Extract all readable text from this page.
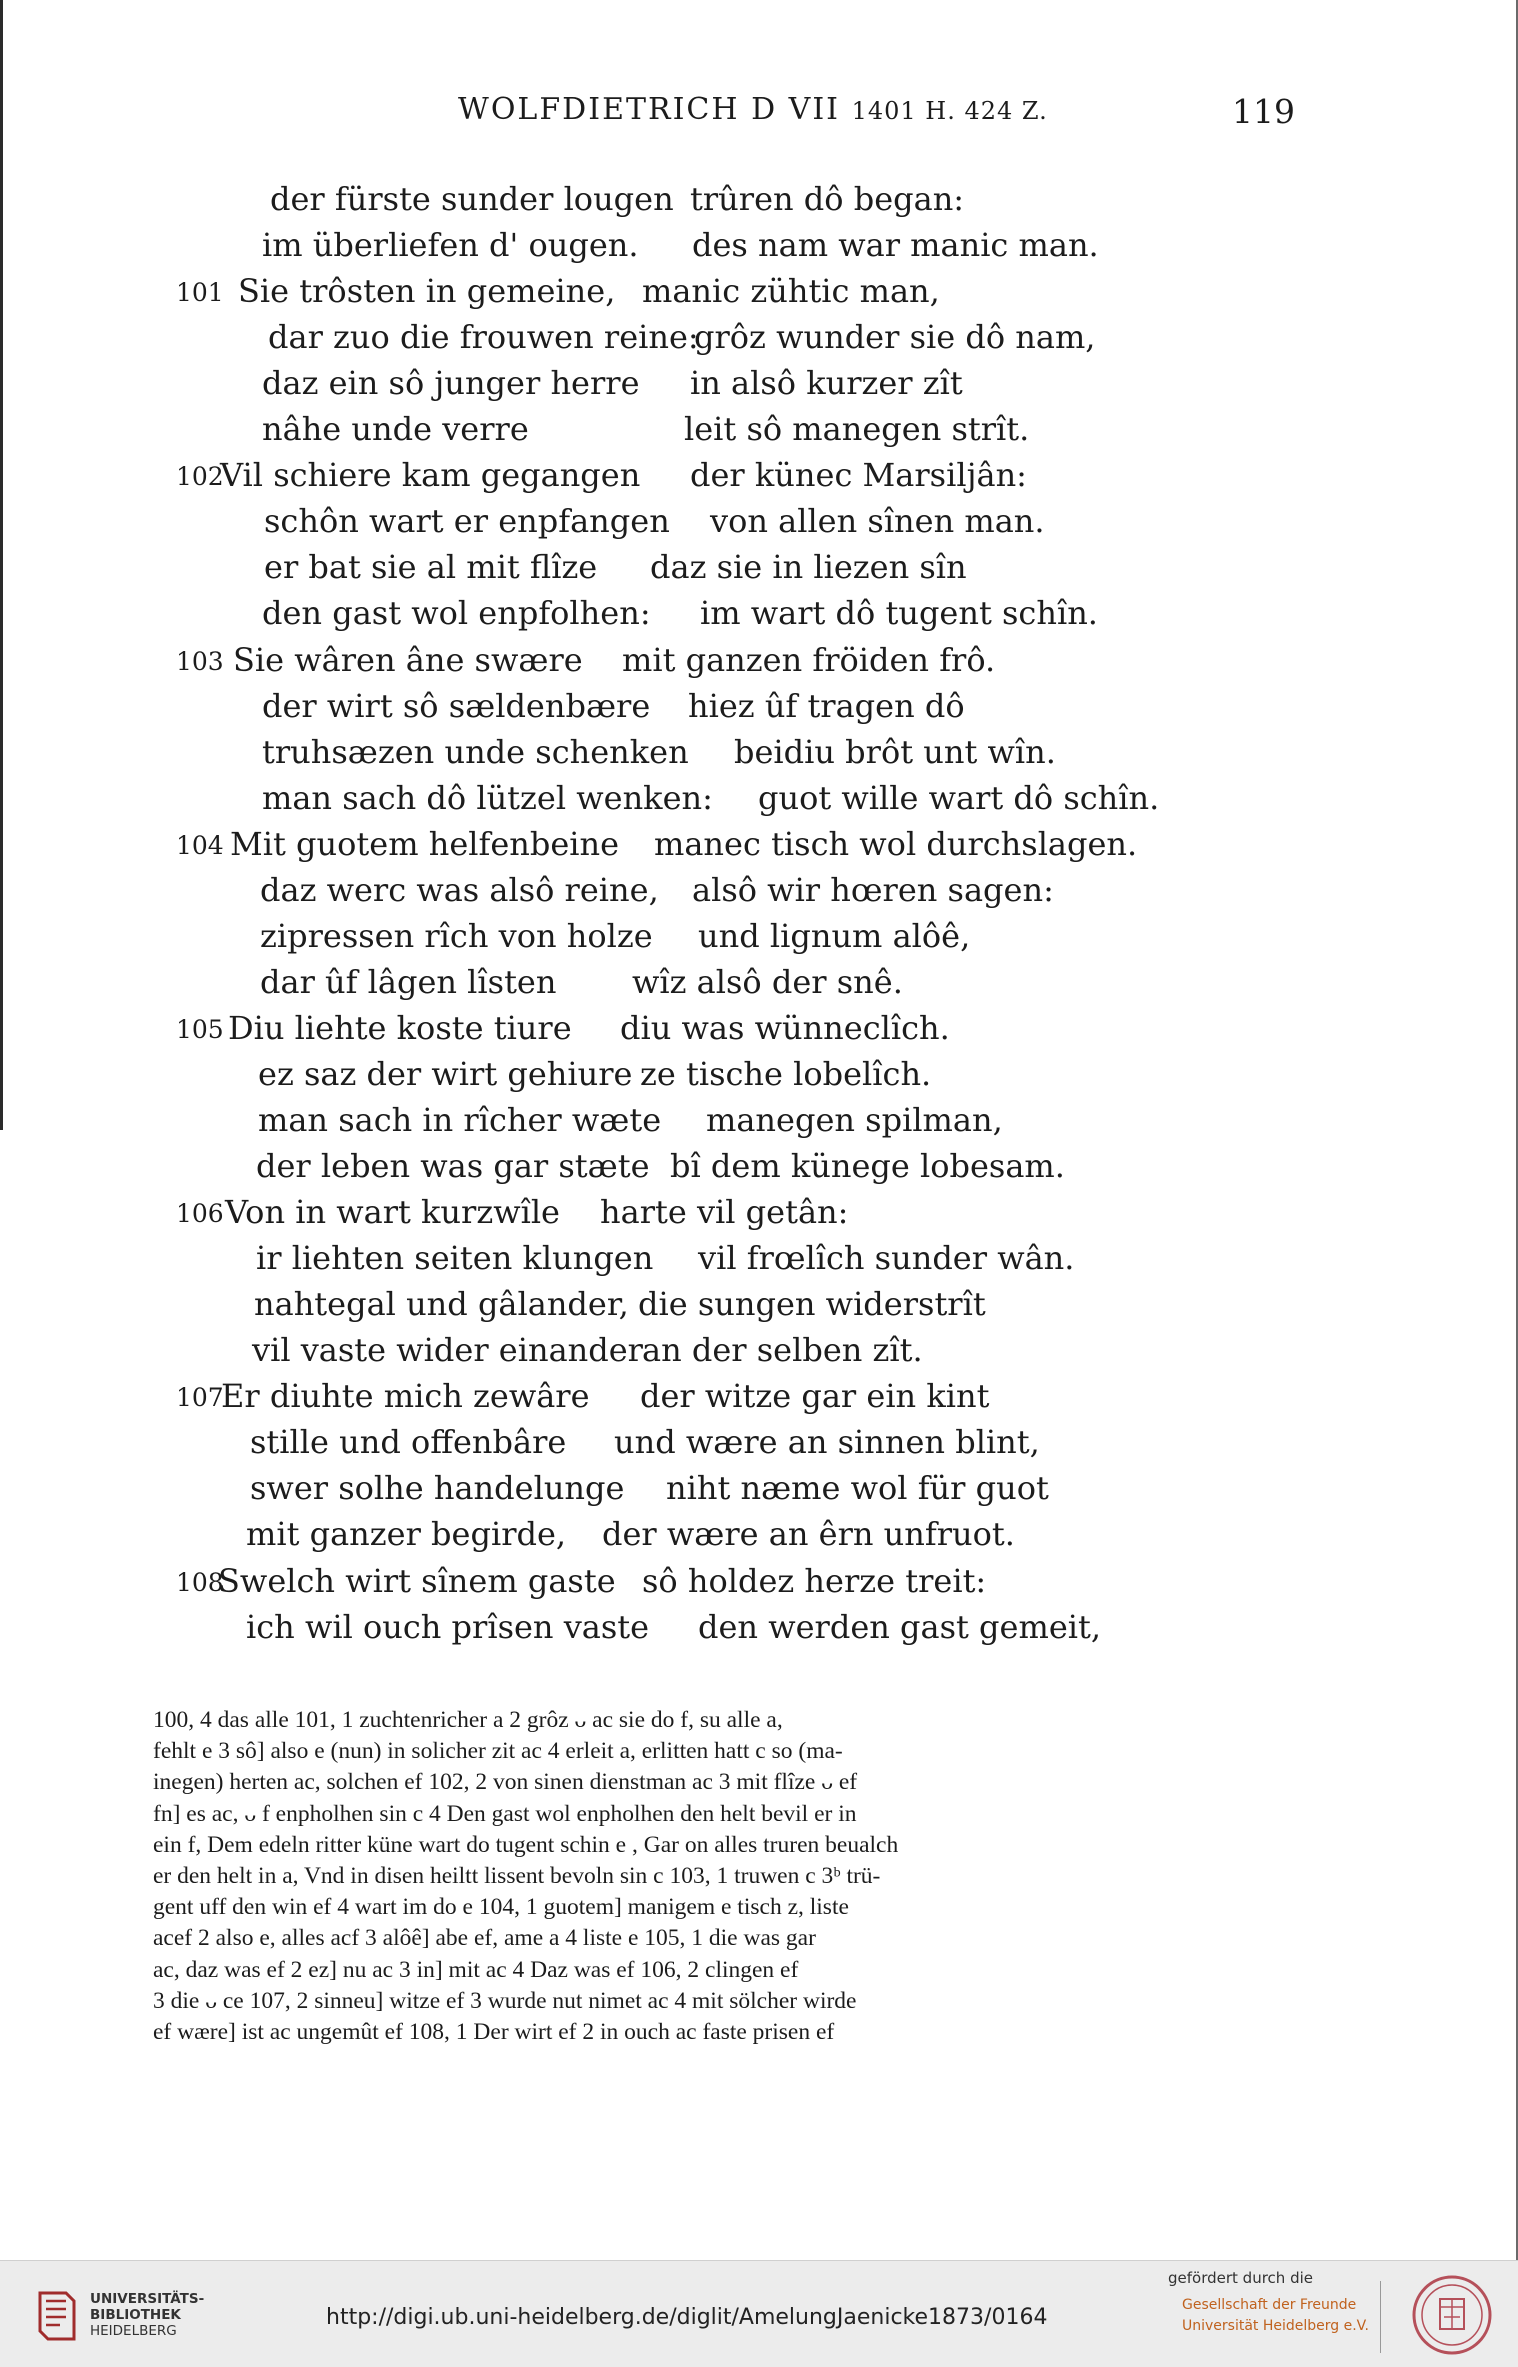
WOLFDIETRICH D VII 1401 H. 424 Z.	119
der fürste sunder lougen trûren dô began:
im überliefen d' ougen. des nam war manic man.
101 Sie trôsten in gemeine, manic zühtic man,
dar zuo die frouwen reine:
grôz wunder sie dô nam,
daz ein sô junger herre in alsô kurzer zît
nâhe unde verre	leit sô manegen strît.
102
Vil schiere kam gegangen der künec Marsiljân:
schôn wart er enpfangen von allen sînen man.
er bat sie al mit flîze daz sie in liezen sîn
den gast wol enpfolhen: im wart dô tugent schîn.
103 Sie wâren âne swære mit ganzen fröiden frô.
der wirt sô sældenbære hiez ûf tragen dô
truhsæzen unde schenken beidiu brôt unt wîn.
man sach dô lützel wenken: guot wille wart dô schîn.
104 Mit guotem helfenbeine manec tisch wol durchslagen.
daz werc was alsô reine, alsô wir hœren sagen:
zipressen rîch von holze und lignum alôê,
dar ûf lâgen lîsten wîz alsô der snê.
105 Diu liehte koste tiure diu was wünneclîch.
ez saz der wirt gehiure ze tische lobelîch.
man sach in rîcher wæte manegen spilman,
der leben was gar stæte bî dem künege lobesam.
106 Von in wart kurzwîle harte vil getân:
ir liehten seiten klungen vil frœlîch sunder wân.
nahtegal und gâlander, die sungen widerstrît
vil vaste wider einander an der selben zît.
107
Er diuhte mich zewâre der witze gar ein kint
stille und offenbâre und wære an sinnen blint,
swer solhe handelunge niht næme wol für guot
mit ganzer begirde, der wære an êrn unfruot.
108
Swelch wirt sînem gaste sô holdez herze treit:
ich wil ouch prîsen vaste den werden gast gemeit,
100, 4 das alle 101, 1 zuchtenricher a 2 grôz ᴗ ac sie do f, su alle a,
fehlt e 3 sô] also e (nun) in solicher zit ac 4 erleit a, erlitten hatt c so (ma-
inegen) herten ac, solchen ef 102, 2 von sinen dienstman ac 3 mit flîze ᴗ ef
fn] es ac, ᴗ f enpholhen sin c 4 Den gast wol enpholhen den helt bevil er in
ein f, Dem edeln ritter küne wart do tugent schin e , Gar on alles truren beualch
er den helt in a, Vnd in disen heiltt lissent bevoln sin c 103, 1 truwen c 3ᵇ trü-
gent uff den win ef 4 wart im do e 104, 1 guotem] manigem e tisch z, liste
acef 2 also e, alles acf 3 alôê] abe ef, ame a 4 liste e 105, 1 die was gar
ac, daz was ef 2 ez] nu ac 3 in] mit ac 4 Daz was ef 106, 2 clingen ef
3 die ᴗ ce 107, 2 sinneu] witze ef 3 wurde nut nimet ac 4 mit sölcher wirde
ef wære] ist ac ungemût ef 108, 1 Der wirt ef 2 in ouch ac faste prisen ef
UNIVERSITÄTS-
BIBLIOTHEK
HEIDELBERG
http://digi.ub.uni-heidelberg.de/diglit/AmelungJaenicke1873/0164
gefördert durch die
Gesellschaft der Freunde
Universität Heidelberg e.V.
